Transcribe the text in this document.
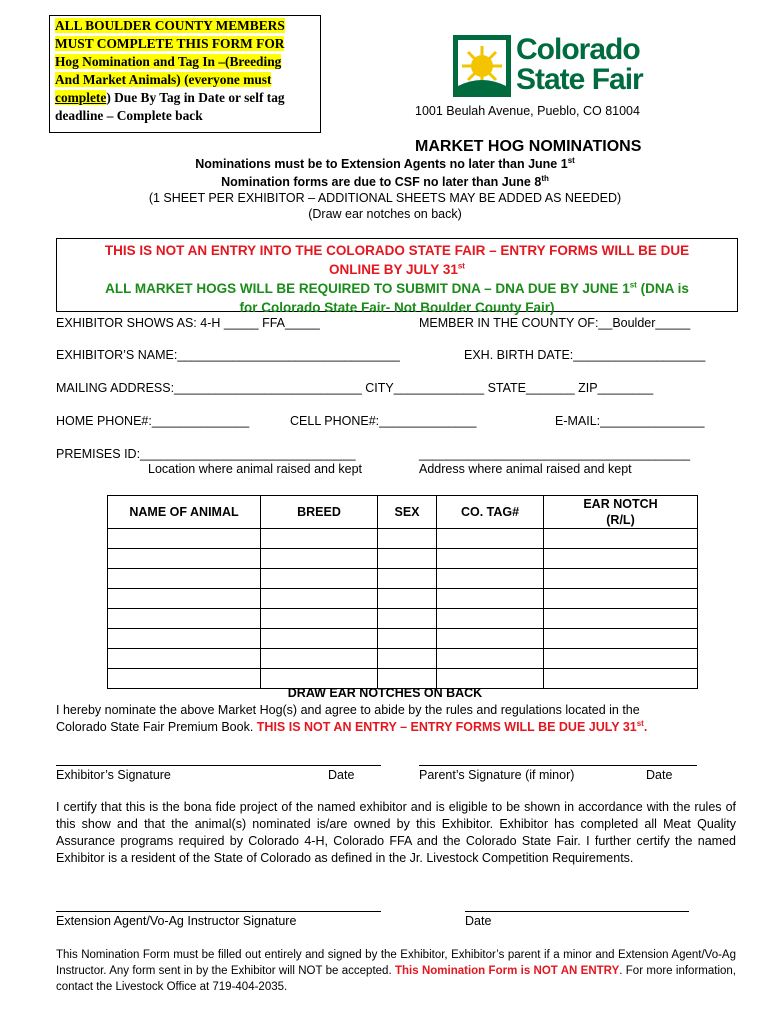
ALL BOULDER COUNTY MEMBERS
MUST COMPLETE THIS FORM FOR
Hog Nomination and Tag In –(Breeding
And Market Animals) (everyone must
complete) Due By Tag in Date or self tag
deadline – Complete back
Colorado
State Fair
1001 Beulah Avenue, Pueblo, CO 81004
MARKET HOG NOMINATIONS
Nominations must be to Extension Agents no later than June 1st
Nomination forms are due to CSF no later than June 8th
(1 SHEET PER EXHIBITOR – ADDITIONAL SHEETS MAY BE ADDED AS NEEDED)
(Draw ear notches on back)
THIS IS NOT AN ENTRY INTO THE COLORADO STATE FAIR – ENTRY FORMS WILL BE DUE
ONLINE BY JULY 31st
ALL MARKET HOGS WILL BE REQUIRED TO SUBMIT DNA – DNA DUE BY JUNE 1st (DNA is
for Colorado State Fair- Not Boulder County Fair)
EXHIBITOR SHOWS AS: 4-H _____ FFA_____	MEMBER IN THE COUNTY OF:__Boulder_____
EXHIBITOR’S NAME:________________________________	EXH. BIRTH DATE:___________________
MAILING ADDRESS:___________________________ CITY_____________ STATE_______ ZIP________
HOME PHONE#:______________	CELL PHONE#:______________	E-MAIL:_______________
PREMISES ID:_______________________________	_______________________________________
Location where animal raised and kept	Address where animal raised and kept
NAME OF ANIMAL	BREED	SEX	CO. TAG#	EAR NOTCH
(R/L)

DRAW EAR NOTCHES ON BACK
I hereby nominate the above Market Hog(s) and agree to abide by the rules and regulations located in the
Colorado State Fair Premium Book. THIS IS NOT AN ENTRY – ENTRY FORMS WILL BE DUE JULY 31st.
Exhibitor’s Signature	Date	Parent’s Signature (if minor)	Date
I certify that this is the bona fide project of the named exhibitor and is eligible to be shown in accordance with the rules of this show and that the animal(s) nominated is/are owned by this Exhibitor. Exhibitor has completed all Meat Quality Assurance programs required by Colorado 4-H, Colorado FFA and the Colorado State Fair. I further certify the named Exhibitor is a resident of the State of Colorado as defined in the Jr. Livestock Competition Requirements.
Extension Agent/Vo-Ag Instructor Signature	Date
This Nomination Form must be filled out entirely and signed by the Exhibitor, Exhibitor’s parent if a minor and Extension Agent/Vo-Ag Instructor. Any form sent in by the Exhibitor will NOT be accepted. This Nomination Form is NOT AN ENTRY. For more information, contact the Livestock Office at 719-404-2035.
